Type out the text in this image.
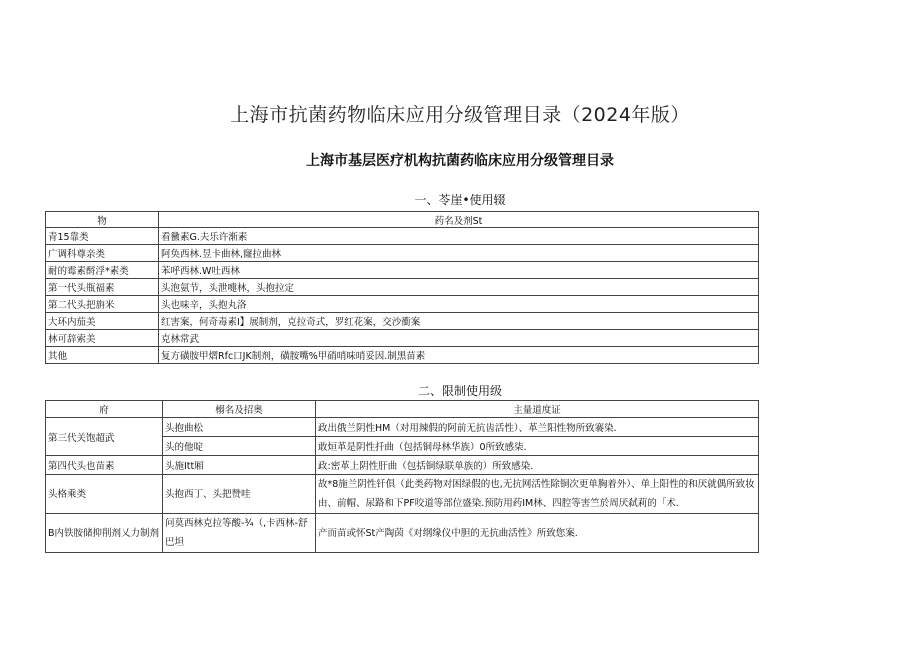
上海市抗菌药物临床应用分级管理目录（2024年版）
上海市基层医疗机构抗菌药临床应用分级管理目录
一、苓崖•使用辍
物	药名及剂St
青15靠类	看黴素G.夫乐许渐素
广调科尊亲类	阿奂西林.昱卡曲林,窿拉曲林
耐的霉素酹浮*素类	苯呼西林.W吐西林
第一代头瓶福素	头泡氨节，头泄嚏林，头抱拉定
第二代头把旃米	头也味辛，头抱丸洛
大环内茄美	红害案，何奇毒素I】展制剂，克拉奇式，罗红花案，交沙衝案
林可辞索美	克林常武
其他	复方磺胺甲熠Rfc口JK制剂，磺胺嘴%甲硝哨味哨妥因.制黑苗素
二、限制使用级
府	榒名及招奥	主量道度证
第三代关饱超武	头抱曲松	政出俄兰阴性HM（对用辣假的阿前无抗齿活性）、革兰阳性物所致褰染.
	头的他啶	敢烜革是阴性扦曲（包括铜母林华族）0所致感柒.
第四代头也苗素	头施Itt厢	政:密革上阴性肝曲（包括铜绿联单族的）所致感染.
头格乘类	头抱西丁、头把赞哇	故*8施兰阴性钎俱（此类药物对困绿假的也,无抗网活性除铜次更单胸着外）、单上阳性的和厌就偶所致妆由、前帽、尿路和下PF咬道等部位盛染.预防用药IM林、四腔等害竺於周厌弑莉的「术.
B内铁胺储抑削剂乂力制剂	问莫西林克拉等酸-¾（,卡西林-舒巴坦	产而苗或怀St产陶茵《对纲缘仪中胆的无抗曲活性》所致您案.
